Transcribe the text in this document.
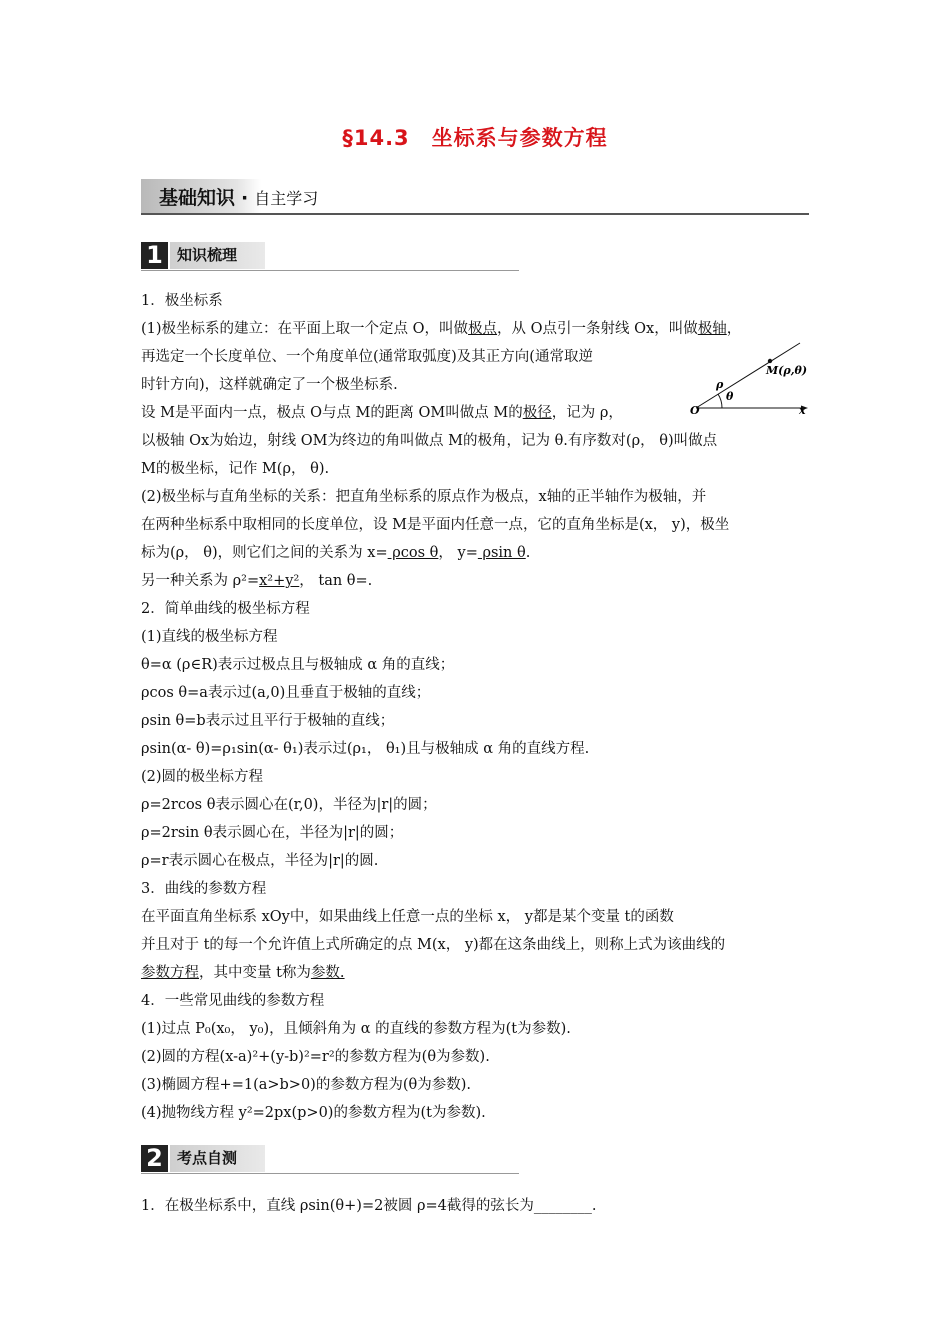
§14.3　坐标系与参数方程
基础知识 · 自主学习
1 知识梳理
M(ρ,θ)
ρ
θ
O	x
1．极坐标系
(1)极坐标系的建立：在平面上取一个定点 O，叫做极点，从 O点引一条射线 Ox，叫做极轴，
再选定一个长度单位、一个角度单位(通常取弧度)及其正方向(通常取逆
时针方向)，这样就确定了一个极坐标系.
设 M是平面内一点，极点 O与点 M的距离 OM叫做点 M的极径，记为 ρ，
以极轴 Ox为始边，射线 OM为终边的角叫做点 M的极角，记为 θ.有序数对(ρ， θ)叫做点
M的极坐标，记作 M(ρ， θ).
(2)极坐标与直角坐标的关系：把直角坐标系的原点作为极点，x轴的正半轴作为极轴，并
在两种坐标系中取相同的长度单位，设 M是平面内任意一点，它的直角坐标是(x， y)，极坐
标为(ρ， θ)，则它们之间的关系为 x= ρcos θ， y= ρsin θ.
另一种关系为 ρ²=x²+y²， tan θ=.
2．简单曲线的极坐标方程
(1)直线的极坐标方程
θ=α (ρ∈R)表示过极点且与极轴成 α 角的直线；
ρcos θ=a表示过(a,0)且垂直于极轴的直线；
ρsin θ=b表示过且平行于极轴的直线；
ρsin(α- θ)=ρ₁sin(α- θ₁)表示过(ρ₁， θ₁)且与极轴成 α 角的直线方程.
(2)圆的极坐标方程
ρ=2rcos θ表示圆心在(r,0)，半径为|r|的圆；
ρ=2rsin θ表示圆心在，半径为|r|的圆；
ρ=r表示圆心在极点，半径为|r|的圆.
3．曲线的参数方程
在平面直角坐标系 xOy中，如果曲线上任意一点的坐标 x， y都是某个变量 t的函数
并且对于 t的每一个允许值上式所确定的点 M(x， y)都在这条曲线上，则称上式为该曲线的
参数方程，其中变量 t称为参数.
4．一些常见曲线的参数方程
(1)过点 P₀(x₀， y₀)，且倾斜角为 α 的直线的参数方程为(t为参数).
(2)圆的方程(x-a)²+(y-b)²=r²的参数方程为(θ为参数).
(3)椭圆方程+=1(a>b>0)的参数方程为(θ为参数).
(4)抛物线方程 y²=2px(p>0)的参数方程为(t为参数).
2 考点自测
1．在极坐标系中，直线 ρsin(θ+)=2被圆 ρ=4截得的弦长为________.
